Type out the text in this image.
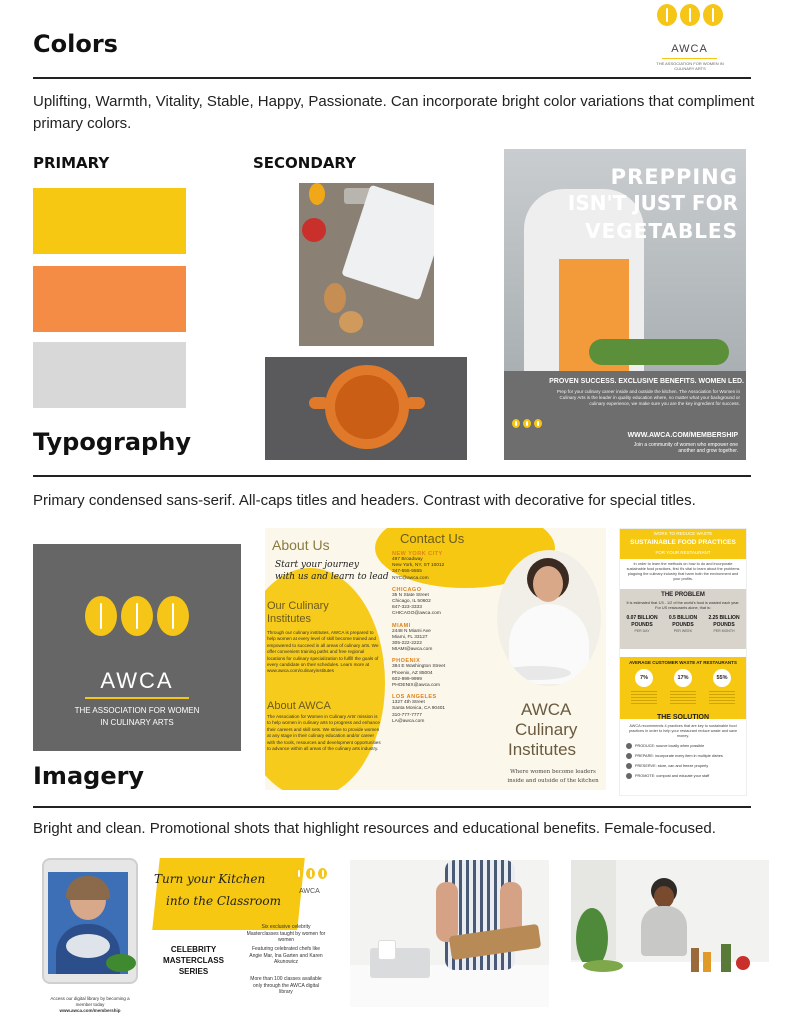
Colors	AWCA
THE ASSOCIATION FOR WOMEN IN CULINARY ARTS
Uplifting, Warmth, Vitality, Stable, Happy, Passionate. Can incorporate bright color variations that compliment primary colors.
PRIMARY	SECONDARY
PREPPING
ISN'T JUST FOR
VEGETABLES
PROVEN SUCCESS. EXCLUSIVE BENEFITS. WOMEN LED.
Prep for your culinary career inside and outside the kitchen. The Association for Women in Culinary Arts is the leader in quality education where, no matter what your background or culinary experience, we make sure you are the key ingredient for success.
WWW.AWCA.COM/MEMBERSHIP
Join a community of women who empower one another and grow together.
Typography
Primary condensed sans-serif. All-caps titles and headers. Contrast with decorative for special titles.
AWCA
THE ASSOCIATION FOR WOMEN
IN CULINARY ARTS
About Us
Start your journey
with us and learn to lead
Our Culinary Institutes
Through our culinary institutes, AWCA is prepared to help women at every level of skill become trained and empowered to succeed in all areas of culinary arts. We offer convenient training paths and free regional locations for culinary specialization to fulfill the goals of every candidate on their schedules. Learn more at www.awca.com/culinaryinstitutes
About AWCA
The Association for Women in Culinary Arts' mission is to help women in culinary arts to progress and enhance their careers and skill sets. We strive to provide women at any stage in their culinary education and/or career with the tools, resources and development opportunities to advance within all areas of the culinary arts industry.
Contact Us
NEW YORK CITY
497 Broadway
New York, NY, ST 10012
347-555-5555
NYC@awca.com
CHICAGO
35 N State Street
Chicago, IL 50602
847-323-3333
CHICAGO@awca.com
MIAMI
2448 N Miami Ave
Miami, FL 33127
305-222-2222
MIAMI@awca.com
PHOENIX
384 E Washington Street
Phoenix, AZ 85004
602-999-9999
PHOENIX@awca.com
LOS ANGELES
1327 4th Street
Santa Monica, CA 90401
310-777-7777
LA@awca.com
AWCA
Culinary
Institutes
Where women become leaders inside and outside of the kitchen
WORK TO REDUCE WASTE
SUSTAINABLE FOOD PRACTICES
FOR YOUR RESTAURANT
In order to learn the methods on how to do and incorporate sustainable food practices, first it's vital to learn about the problems plaguing the culinary industry that harm both the environment and your profits.
THE PROBLEM
It is estimated that 1/3 - 1/2 of the world's food is wasted each year. For US restaurants alone, that is:
0.07 BILLION
POUNDS
PER DAY
0.5 BILLION
POUNDS
PER WEEK
2.25 BILLION
POUNDS
PER MONTH
AVERAGE CUSTOMER WASTE AT RESTAURANTS
7%	17%	55%
THE SOLUTION
AWCA recommends 4 practices that are key to sustainable food practices in order to help your restaurant reduce waste and save money.
PRODUCE: source locally when possible
PREPARE: incorporate every item in multiple dishes
PRESERVE: store, can and freeze properly
PROMOTE: compost and educate your staff
Imagery
Bright and clean. Promotional shots that highlight resources and educational benefits. Female-focused.
Turn your Kitchen
into the Classroom
AWCA
CELEBRITY
MASTERCLASS
SERIES
Six exclusive celebrity Masterclasses taught by women for women
Featuring celebrated chefs like Angie Mar, Ina Garten and Karen Akunowicz
More than 100 classes available only through the AWCA digital library
Access our digital library by becoming a member today
www.awca.com/membership
